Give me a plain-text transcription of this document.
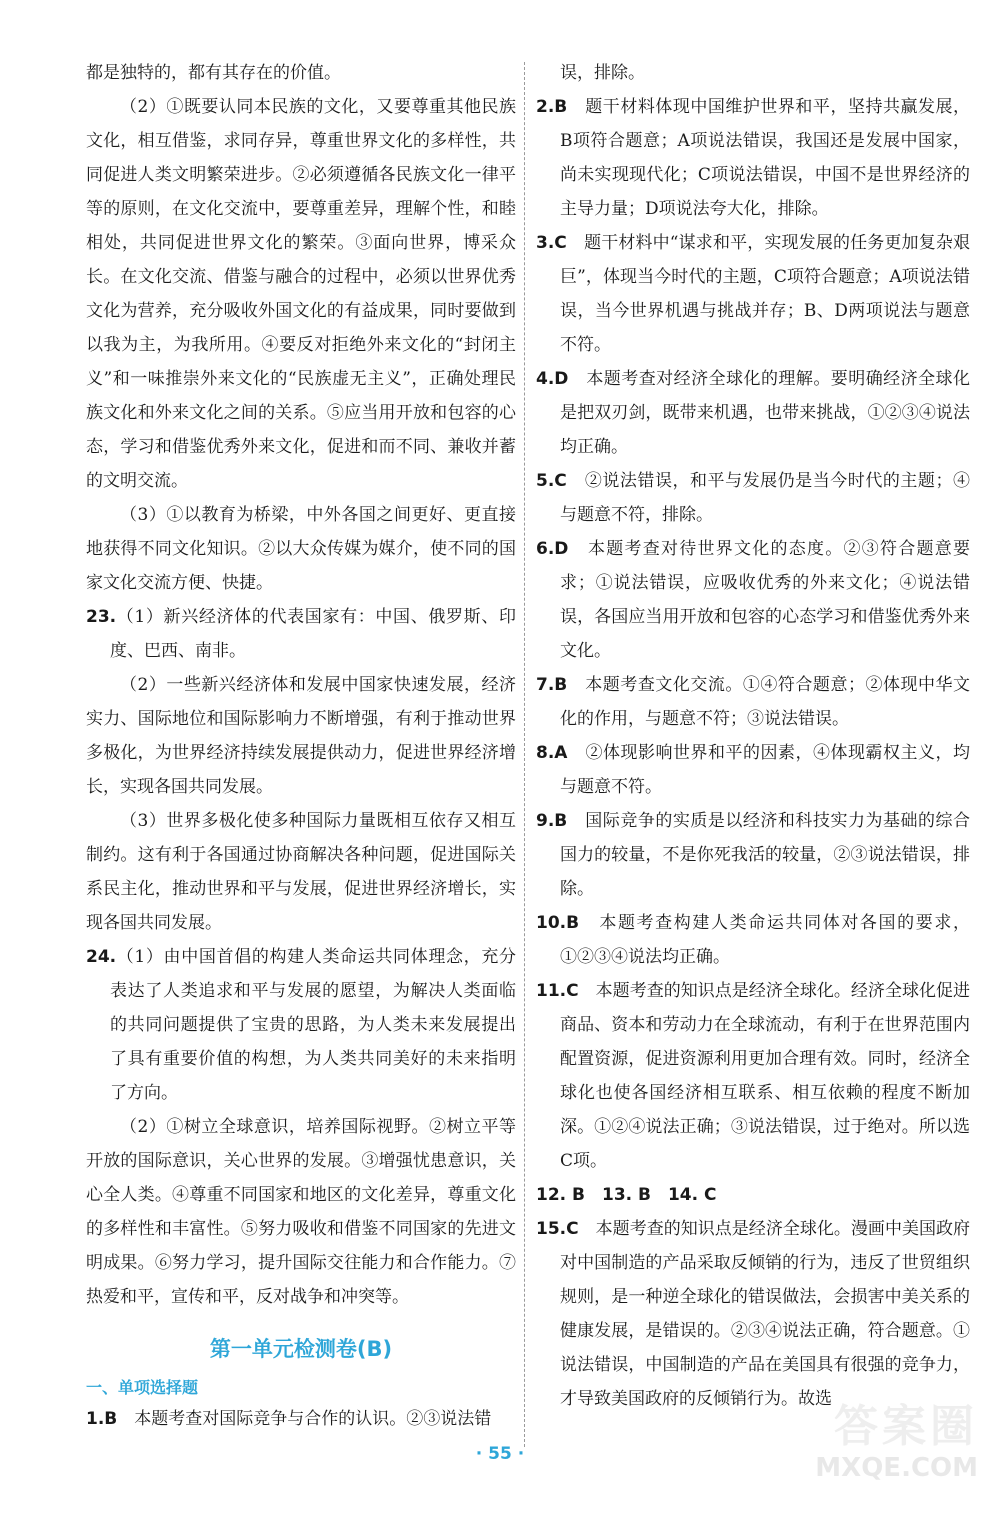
都是独特的，都有其存在的价值。

（2）①既要认同本民族的文化，又要尊重其他民族文化，相互借鉴，求同存异，尊重世界文化的多样性，共同促进人类文明繁荣进步。②必须遵循各民族文化一律平等的原则，在文化交流中，要尊重差异，理解个性，和睦相处，共同促进世界文化的繁荣。③面向世界，博采众长。在文化交流、借鉴与融合的过程中，必须以世界优秀文化为营养，充分吸收外国文化的有益成果，同时要做到以我为主，为我所用。④要反对拒绝外来文化的“封闭主义”和一味推崇外来文化的“民族虚无主义”，正确处理民族文化和外来文化之间的关系。⑤应当用开放和包容的心态，学习和借鉴优秀外来文化，促进和而不同、兼收并蓄的文明交流。

（3）①以教育为桥梁，中外各国之间更好、更直接地获得不同文化知识。②以大众传媒为媒介，使不同的国家文化交流方便、快捷。

23.（1）新兴经济体的代表国家有：中国、俄罗斯、印度、巴西、南非。

（2）一些新兴经济体和发展中国家快速发展，经济实力、国际地位和国际影响力不断增强，有利于推动世界多极化，为世界经济持续发展提供动力，促进世界经济增长，实现各国共同发展。

（3）世界多极化使多种国际力量既相互依存又相互制约。这有利于各国通过协商解决各种问题，促进国际关系民主化，推动世界和平与发展，促进世界经济增长，实现各国共同发展。

24.（1）由中国首倡的构建人类命运共同体理念，充分表达了人类追求和平与发展的愿望，为解决人类面临的共同问题提供了宝贵的思路，为人类未来发展提出了具有重要价值的构想，为人类共同美好的未来指明了方向。

（2）①树立全球意识，培养国际视野。②树立平等开放的国际意识，关心世界的发展。③增强忧患意识，关心全人类。④尊重不同国家和地区的文化差异，尊重文化的多样性和丰富性。⑤努力吸收和借鉴不同国家的先进文明成果。⑥努力学习，提升国际交往能力和合作能力。⑦热爱和平，宣传和平，反对战争和冲突等。

第一单元检测卷(B)

一、单项选择题

1.B　 本题考查对国际竞争与合作的认识。②③说法错

误，排除。

2.B　 题干材料体现中国维护世界和平，坚持共赢发展，B项符合题意；A项说法错误，我国还是发展中国家，尚未实现现代化；C项说法错误，中国不是世界经济的主导力量；D项说法夸大化，排除。

3.C　 题干材料中“谋求和平，实现发展的任务更加复杂艰巨”，体现当今时代的主题，C项符合题意；A项说法错误，当今世界机遇与挑战并存；B、D两项说法与题意不符。

4.D　 本题考查对经济全球化的理解。要明确经济全球化是把双刃剑，既带来机遇，也带来挑战，①②③④说法均正确。

5.C　 ②说法错误，和平与发展仍是当今时代的主题；④与题意不符，排除。

6.D　 本题考查对待世界文化的态度。②③符合题意要求；①说法错误，应吸收优秀的外来文化；④说法错误，各国应当用开放和包容的心态学习和借鉴优秀外来文化。

7.B　 本题考查文化交流。①④符合题意；②体现中华文化的作用，与题意不符；③说法错误。

8.A　 ②体现影响世界和平的因素，④体现霸权主义，均与题意不符。

9.B　 国际竞争的实质是以经济和科技实力为基础的综合国力的较量，不是你死我活的较量，②③说法错误，排除。

10.B　 本题考查构建人类命运共同体对各国的要求，①②③④说法均正确。

11.C　 本题考查的知识点是经济全球化。经济全球化促进商品、资本和劳动力在全球流动，有利于在世界范围内配置资源，促进资源利用更加合理有效。同时，经济全球化也使各国经济相互联系、相互依赖的程度不断加深。①②④说法正确；③说法错误，过于绝对。所以选C项。

12. B　13. B　14. C

15.C　 本题考查的知识点是经济全球化。漫画中美国政府对中国制造的产品采取反倾销的行为，违反了世贸组织规则，是一种逆全球化的错误做法，会损害中美关系的健康发展，是错误的。②③④说法正确，符合题意。①说法错误，中国制造的产品在美国具有很强的竞争力，才导致美国政府的反倾销行为。故选

· 55 ·
答案圈
MXQE.COM
